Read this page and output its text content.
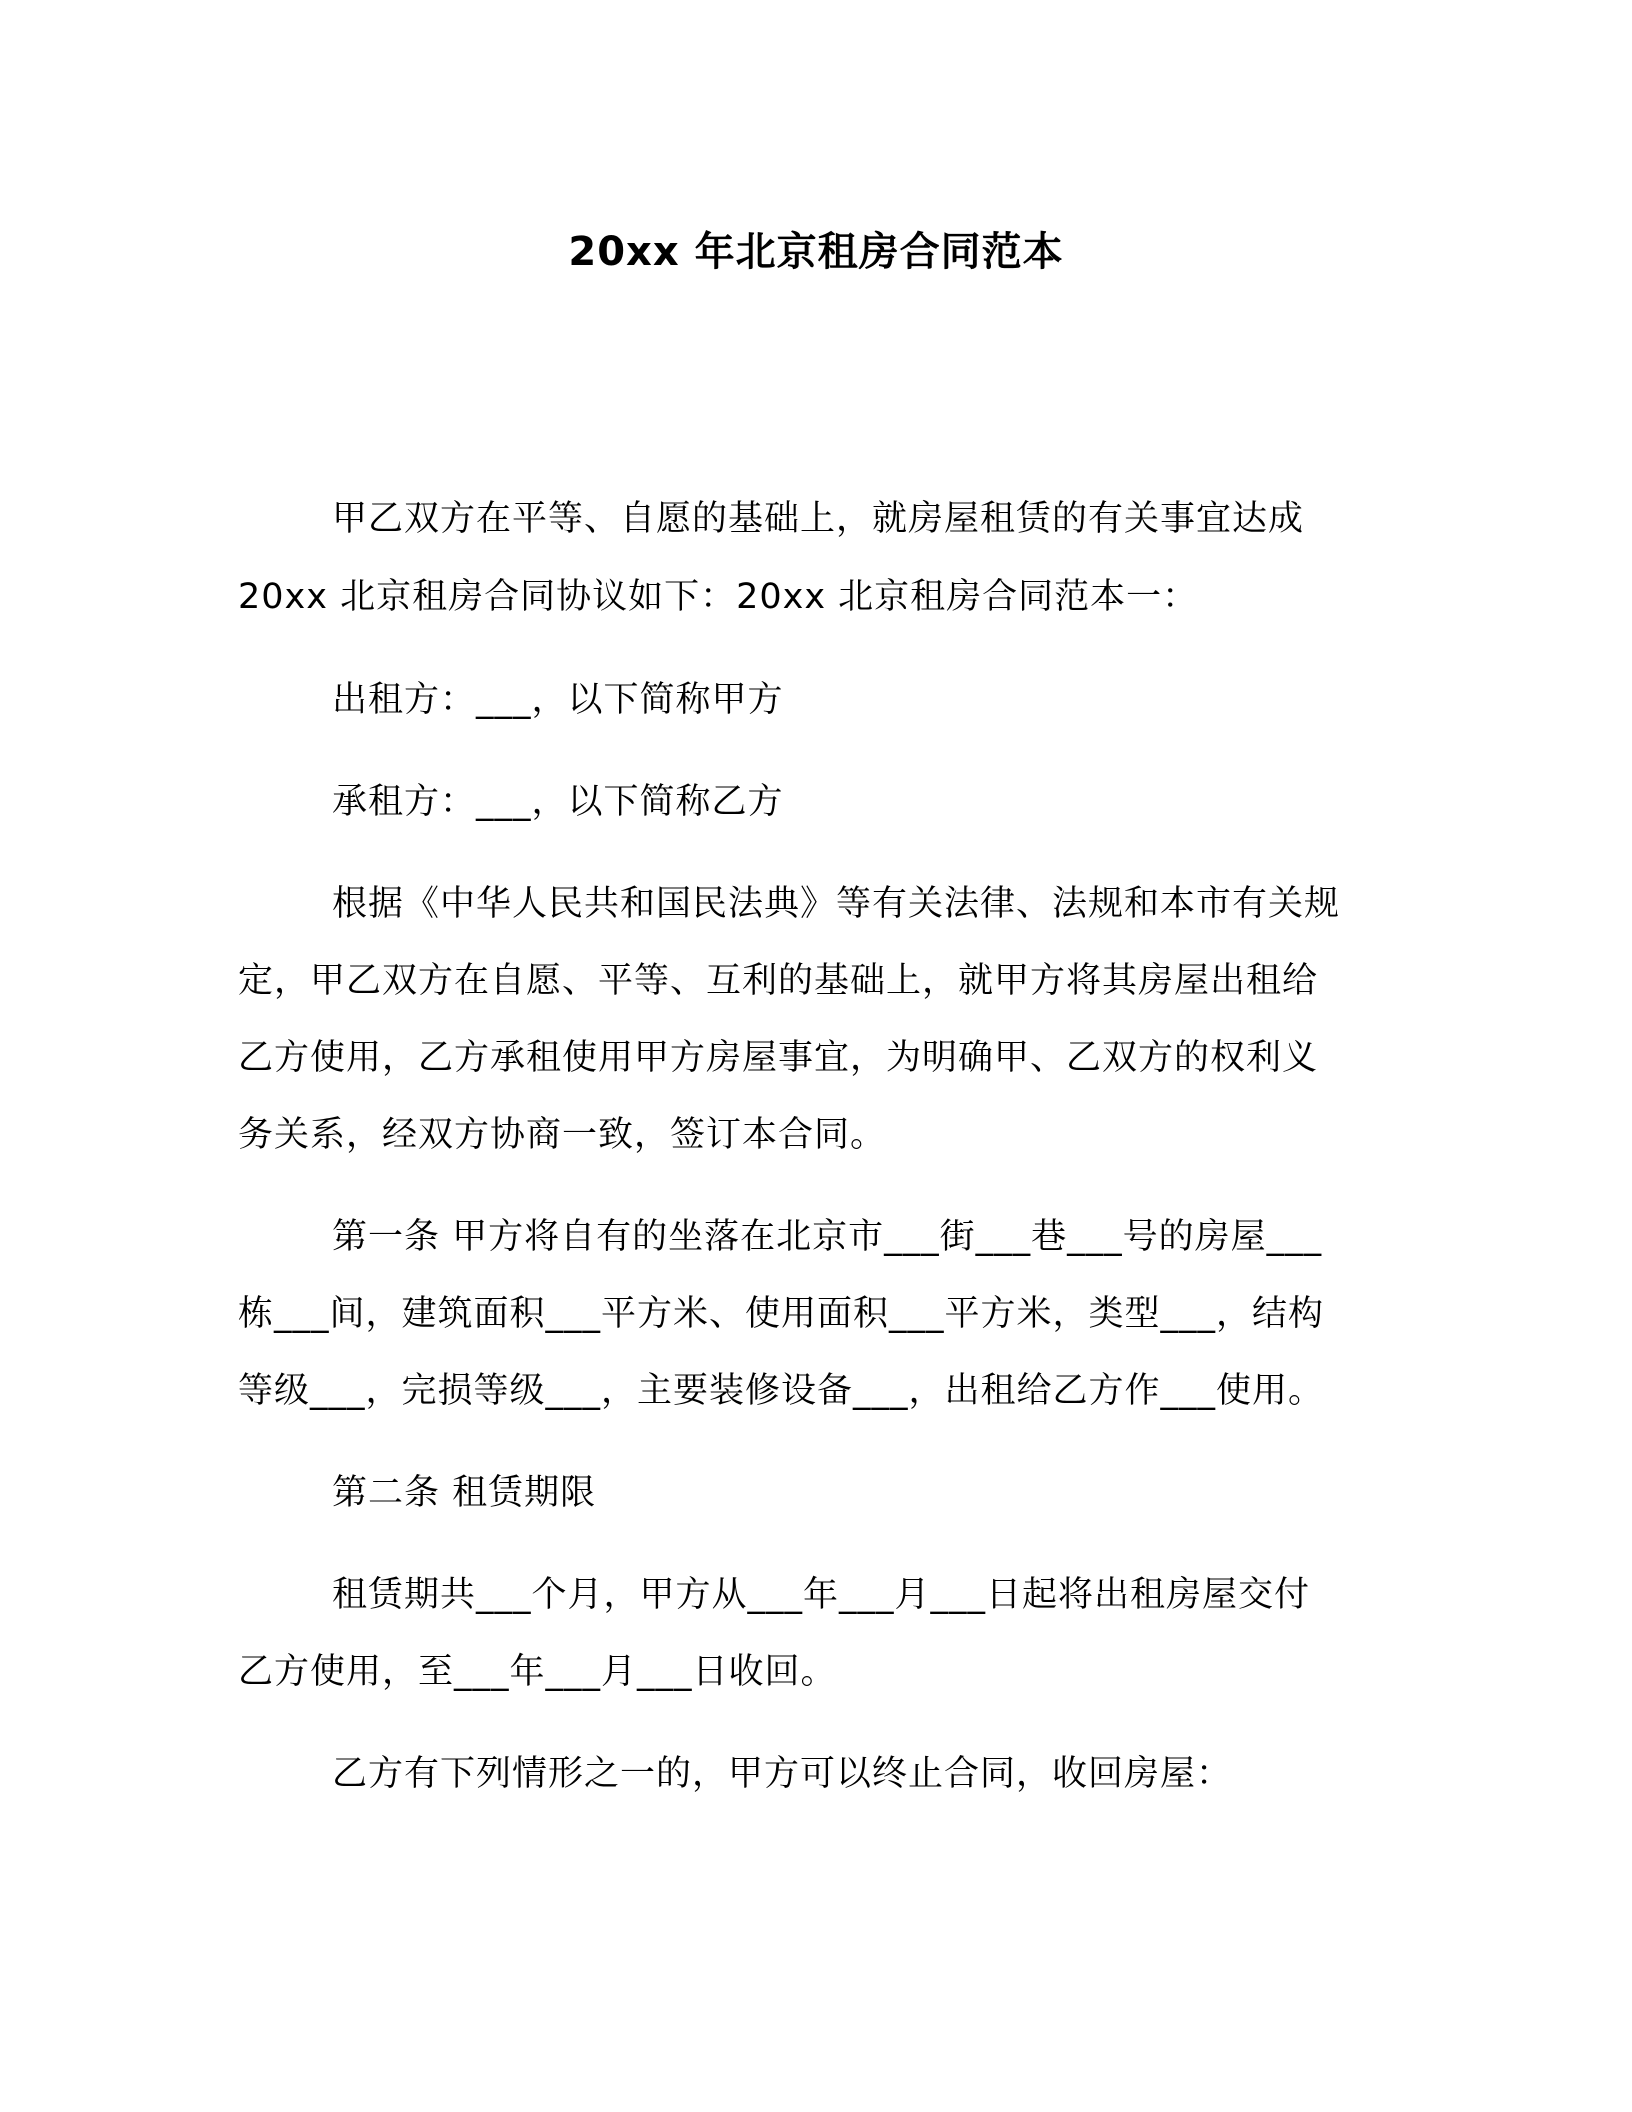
20xx 年北京租房合同范本
甲乙双方在平等、自愿的基础上，就房屋租赁的有关事宜达成
20xx 北京租房合同协议如下：20xx 北京租房合同范本一：
出租方：___，以下简称甲方
承租方：___，以下简称乙方
根据《中华人民共和国民法典》等有关法律、法规和本市有关规
定，甲乙双方在自愿、平等、互利的基础上，就甲方将其房屋出租给
乙方使用，乙方承租使用甲方房屋事宜，为明确甲、乙双方的权利义
务关系，经双方协商一致，签订本合同。
第一条 甲方将自有的坐落在北京市___街___巷___号的房屋___
栋___间，建筑面积___平方米、使用面积___平方米，类型___，结构
等级___，完损等级___，主要装修设备___，出租给乙方作___使用。
第二条 租赁期限
租赁期共___个月，甲方从___年___月___日起将出租房屋交付
乙方使用，至___年___月___日收回。
乙方有下列情形之一的，甲方可以终止合同，收回房屋：
